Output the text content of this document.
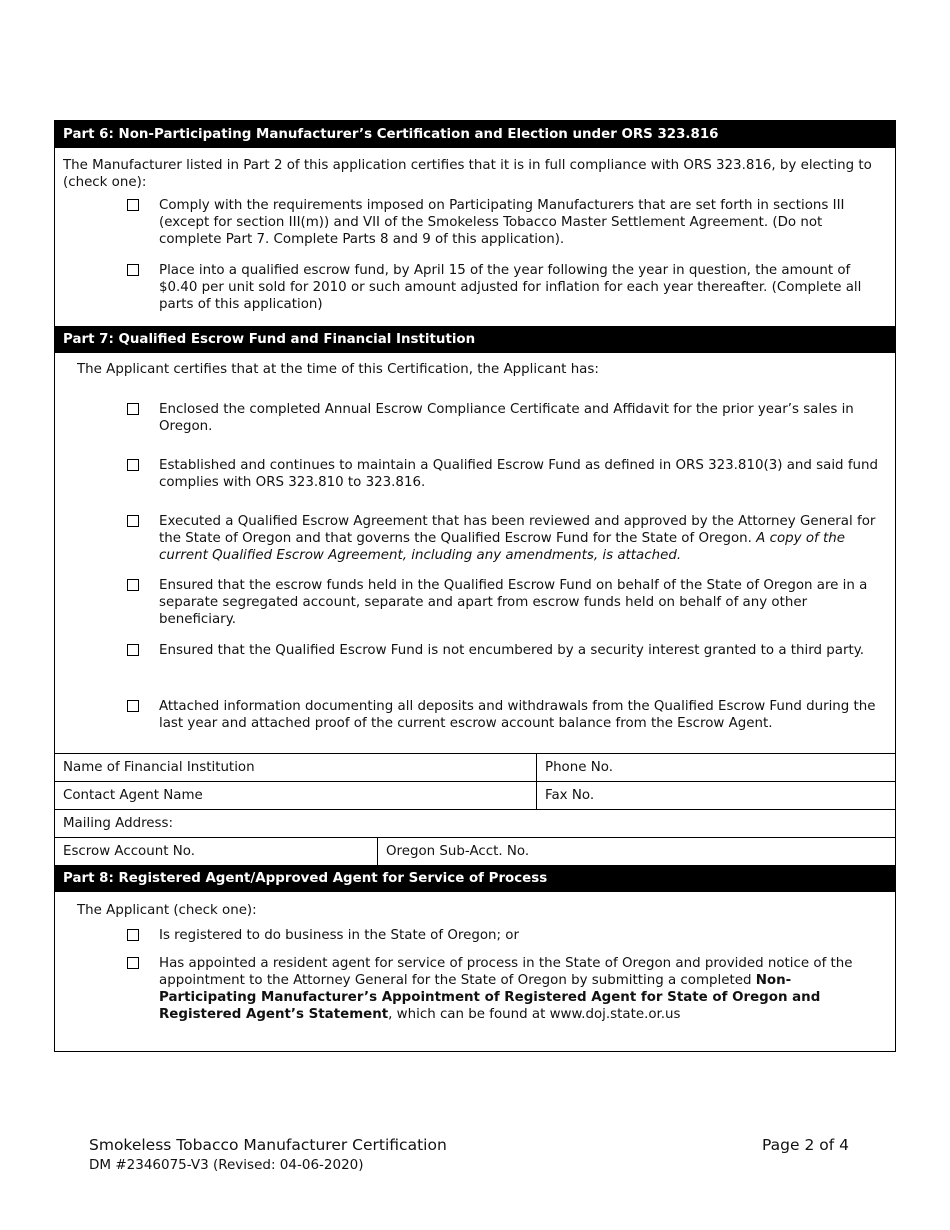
Part 6: Non-Participating Manufacturer’s Certification and Election under ORS 323.816
The Manufacturer listed in Part 2 of this application certifies that it is in full compliance with ORS 323.816, by electing to (check one):
Comply with the requirements imposed on Participating Manufacturers that are set forth in sections III (except for section III(m)) and VII of the Smokeless Tobacco Master Settlement Agreement. (Do not complete Part 7. Complete Parts 8 and 9 of this application).
Place into a qualified escrow fund, by April 15 of the year following the year in question, the amount of $0.40 per unit sold for 2010 or such amount adjusted for inflation for each year thereafter. (Complete all parts of this application)
Part 7: Qualified Escrow Fund and Financial Institution
The Applicant certifies that at the time of this Certification, the Applicant has:
Enclosed the completed Annual Escrow Compliance Certificate and Affidavit for the prior year’s sales in Oregon.
Established and continues to maintain a Qualified Escrow Fund as defined in ORS 323.810(3) and said fund complies with ORS 323.810 to 323.816.
Executed a Qualified Escrow Agreement that has been reviewed and approved by the Attorney General for the State of Oregon and that governs the Qualified Escrow Fund for the State of Oregon. A copy of the current Qualified Escrow Agreement, including any amendments, is attached.
Ensured that the escrow funds held in the Qualified Escrow Fund on behalf of the State of Oregon are in a separate segregated account, separate and apart from escrow funds held on behalf of any other beneficiary.
Ensured that the Qualified Escrow Fund is not encumbered by a security interest granted to a third party.
Attached information documenting all deposits and withdrawals from the Qualified Escrow Fund during the last year and attached proof of the current escrow account balance from the Escrow Agent.
Name of Financial Institution	Phone No.
Contact Agent Name	Fax No.
Mailing Address:
Escrow Account No.	Oregon Sub-Acct. No.
Part 8: Registered Agent/Approved Agent for Service of Process
The Applicant (check one):
Is registered to do business in the State of Oregon; or
Has appointed a resident agent for service of process in the State of Oregon and provided notice of the appointment to the Attorney General for the State of Oregon by submitting a completed Non-Participating Manufacturer’s Appointment of Registered Agent for State of Oregon and Registered Agent’s Statement, which can be found at www.doj.state.or.us
Smokeless Tobacco Manufacturer Certification
DM #2346075-V3 (Revised: 04-06-2020)
Page 2 of 4
